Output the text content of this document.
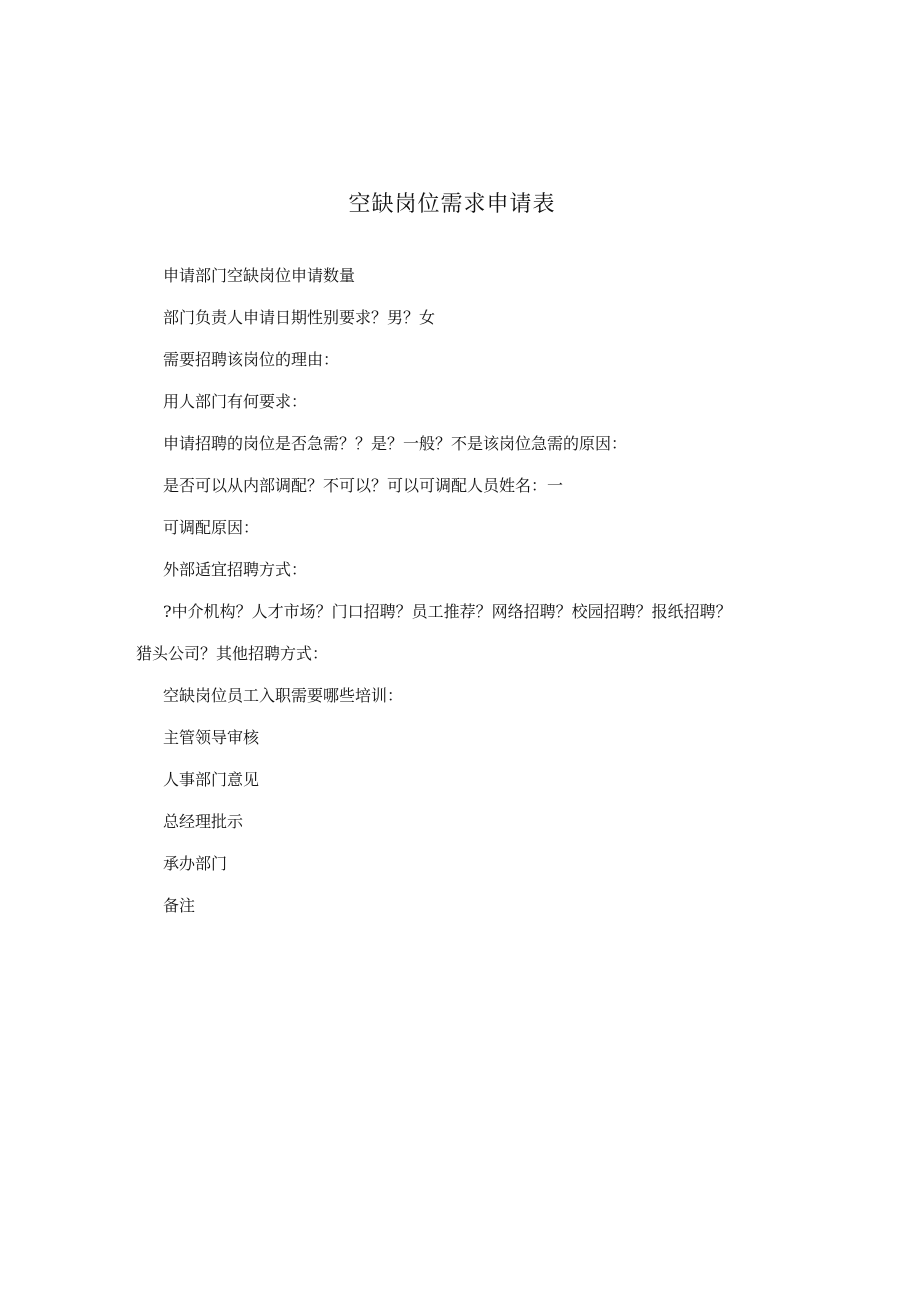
空缺岗位需求申请表

申请部门空缺岗位申请数量

部门负责人申请日期性别要求？男？女

需要招聘该岗位的理由：

用人部门有何要求：

申请招聘的岗位是否急需？？是？一般？不是该岗位急需的原因：

是否可以从内部调配？不可以？可以可调配人员姓名：一

可调配原因：

外部适宜招聘方式：

?中介机构？人才市场？门口招聘？员工推荐？网络招聘？校园招聘？报纸招聘？猎头公司？其他招聘方式：

空缺岗位员工入职需要哪些培训：

主管领导审核

人事部门意见

总经理批示

承办部门

备注
